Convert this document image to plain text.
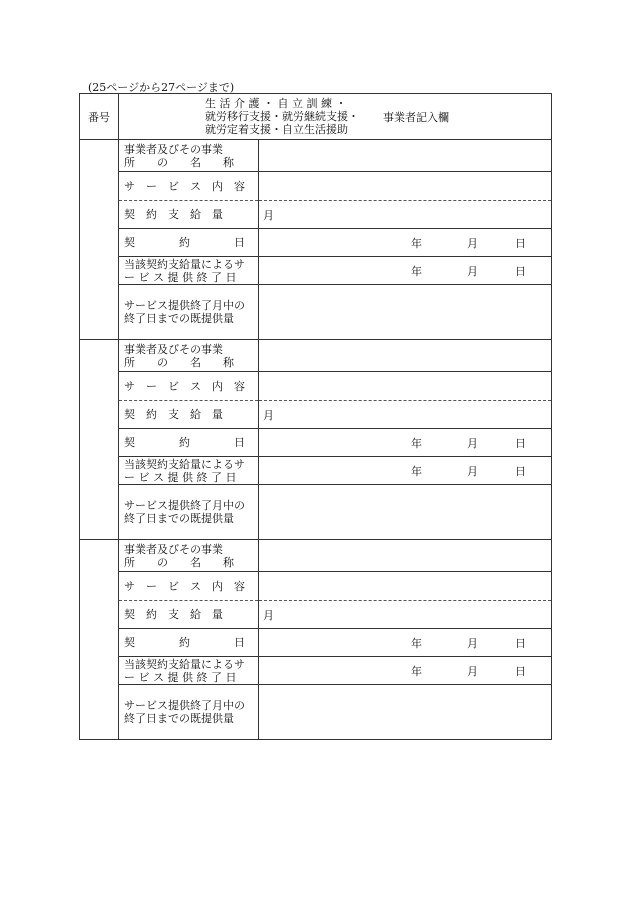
(25ページから27ページまで)
番号	生 活 介 護 ・ 自 立 訓 練 ・
就労移行支援・就労継続支援・
就労定着支援・自立生活援助
事業者記入欄	

事業者及びその事業
所　　の　　名　　称	

	サ　ー　ビ　ス　内　容	
	契　約　支　給　量	月
	契　　　　約　　　　日	年 月 日

	当該契約支給量によるサ
ー ビ ス 提 供 終 了 日	年 月 日

	サービス提供終了月中の
終了日までの既提供量	

事業者及びその事業
所　　の　　名　　称	

	サ　ー　ビ　ス　内　容	
	契　約　支　給　量	月
	契　　　　約　　　　日	年 月 日

	当該契約支給量によるサ
ー ビ ス 提 供 終 了 日	年 月 日

	サービス提供終了月中の
終了日までの既提供量	

事業者及びその事業
所　　の　　名　　称	

	サ　ー　ビ　ス　内　容	
	契　約　支　給　量	月
	契　　　　約　　　　日	年 月 日

	当該契約支給量によるサ
ー ビ ス 提 供 終 了 日	年 月 日

	サービス提供終了月中の
終了日までの既提供量	
